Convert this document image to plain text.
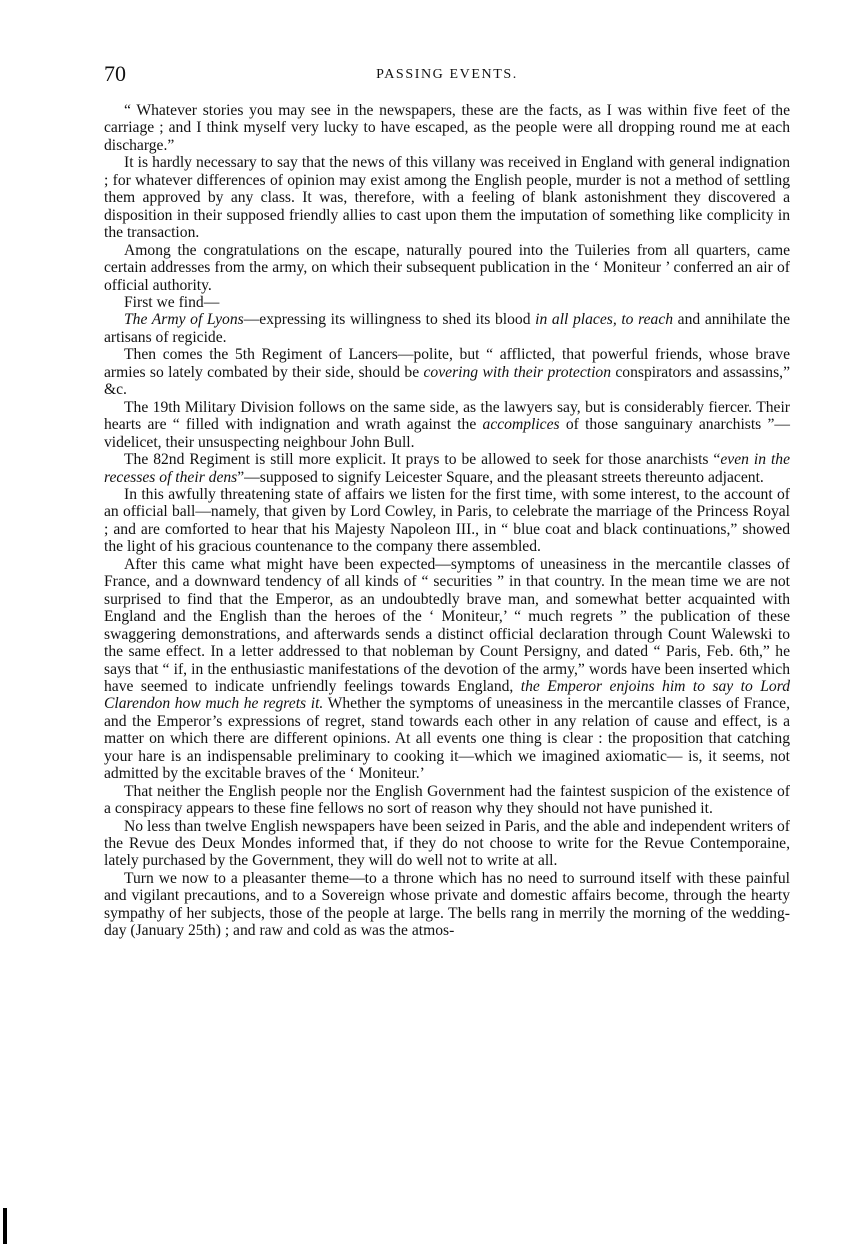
70	PASSING EVENTS.

“ Whatever stories you may see in the newspapers, these are the facts, as I was within five feet of the carriage ; and I think myself very lucky to have escaped, as the people were all dropping round me at each discharge.”

It is hardly necessary to say that the news of this villany was received in England with general indignation ; for whatever differences of opinion may exist among the English people, murder is not a method of settling them approved by any class. It was, therefore, with a feeling of blank astonishment they discovered a disposition in their supposed friendly allies to cast upon them the imputation of something like complicity in the transaction.

Among the congratulations on the escape, naturally poured into the Tuileries from all quarters, came certain addresses from the army, on which their subsequent publication in the ‘ Moniteur ’ conferred an air of official authority.

First we find—

The Army of Lyons—expressing its willingness to shed its blood in all places, to reach and annihilate the artisans of regicide.

Then comes the 5th Regiment of Lancers—polite, but “ afflicted, that powerful friends, whose brave armies so lately combated by their side, should be covering with their protection conspirators and assassins,” &c.

The 19th Military Division follows on the same side, as the lawyers say, but is considerably fiercer. Their hearts are “ filled with indignation and wrath against the accomplices of those sanguinary anarchists ”—videlicet, their unsuspecting neighbour John Bull.

The 82nd Regiment is still more explicit. It prays to be allowed to seek for those anarchists “even in the recesses of their dens”—supposed to signify Leicester Square, and the pleasant streets thereunto adjacent.

In this awfully threatening state of affairs we listen for the first time, with some interest, to the account of an official ball—namely, that given by Lord Cowley, in Paris, to celebrate the marriage of the Princess Royal ; and are comforted to hear that his Majesty Napoleon III., in “ blue coat and black continuations,” showed the light of his gracious countenance to the company there assembled.

After this came what might have been expected—symptoms of uneasiness in the mercantile classes of France, and a downward tendency of all kinds of “ securities ” in that country. In the mean time we are not surprised to find that the Emperor, as an undoubtedly brave man, and somewhat better acquainted with England and the English than the heroes of the ‘ Moniteur,’ “ much regrets ” the publication of these swaggering demonstrations, and afterwards sends a distinct official declaration through Count Walewski to the same effect. In a letter addressed to that nobleman by Count Persigny, and dated “ Paris, Feb. 6th,” he says that “ if, in the enthusiastic manifestations of the devotion of the army,” words have been inserted which have seemed to indicate unfriendly feelings towards England, the Emperor enjoins him to say to Lord Clarendon how much he regrets it. Whether the symptoms of uneasiness in the mercantile classes of France, and the Emperor’s expressions of regret, stand towards each other in any relation of cause and effect, is a matter on which there are different opinions. At all events one thing is clear : the proposition that catching your hare is an indispensable preliminary to cooking it—which we imagined axiomatic— is, it seems, not admitted by the excitable braves of the ‘ Moniteur.’

That neither the English people nor the English Government had the faintest suspicion of the existence of a conspiracy appears to these fine fellows no sort of reason why they should not have punished it.

No less than twelve English newspapers have been seized in Paris, and the able and independent writers of the Revue des Deux Mondes informed that, if they do not choose to write for the Revue Contemporaine, lately purchased by the Government, they will do well not to write at all.

Turn we now to a pleasanter theme—to a throne which has no need to surround itself with these painful and vigilant precautions, and to a Sovereign whose private and domestic affairs become, through the hearty sympathy of her subjects, those of the people at large. The bells rang in merrily the morning of the wedding-day (January 25th) ; and raw and cold as was the atmos-
